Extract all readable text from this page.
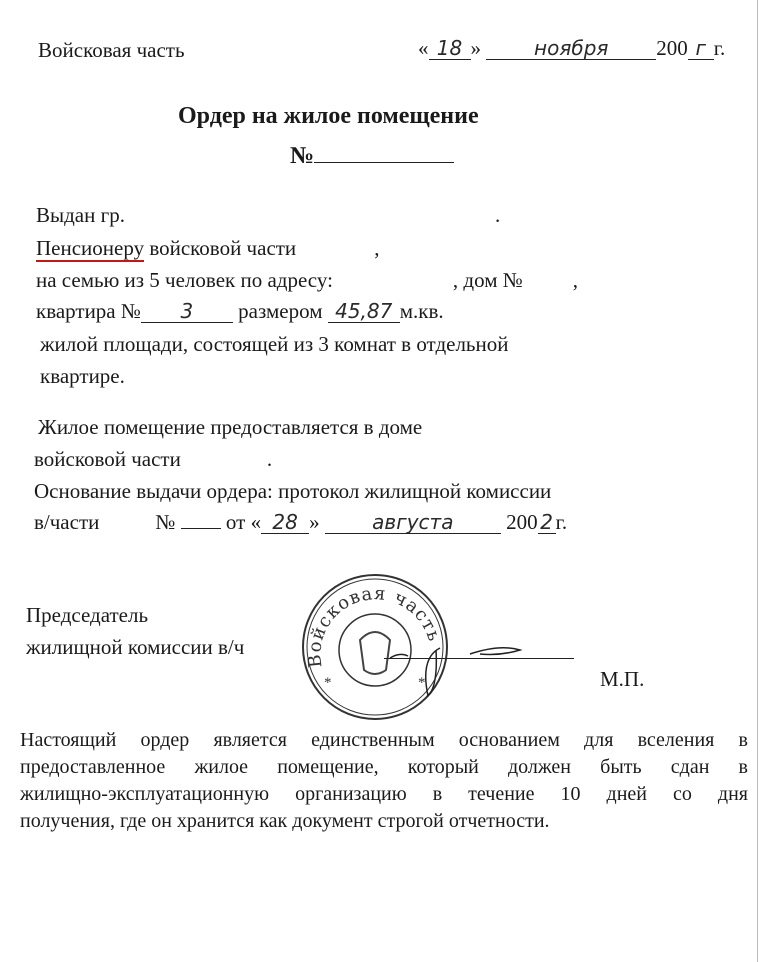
Войсковая часть	« 18 »	ноября 200 г г.
Ордер на жилое помещение
№
Выдан гр.	.
Пенсионеру войсковой части	,
на семью из 5 человек по адресу:	, дом № ,
квартира № 3 размером 45,87 м.кв.
жилой площади, состоящей из 3 комнат в отдельной
квартире.
Жилое помещение предоставляется в доме
войсковой части	.
Основание выдачи ордера: протокол жилищной комиссии
в/части	№ от « 28 »	августа	200 2 г.
Председатель
жилищной комиссии в/ч
Войсковая часть
*	*	М.П.
Настоящий ордер является единственным основанием для вселения в
предоставленное жилое помещение, который должен быть сдан в
жилищно-эксплуатационную организацию в течение 10 дней со дня
получения, где он хранится как документ строгой отчетности.
